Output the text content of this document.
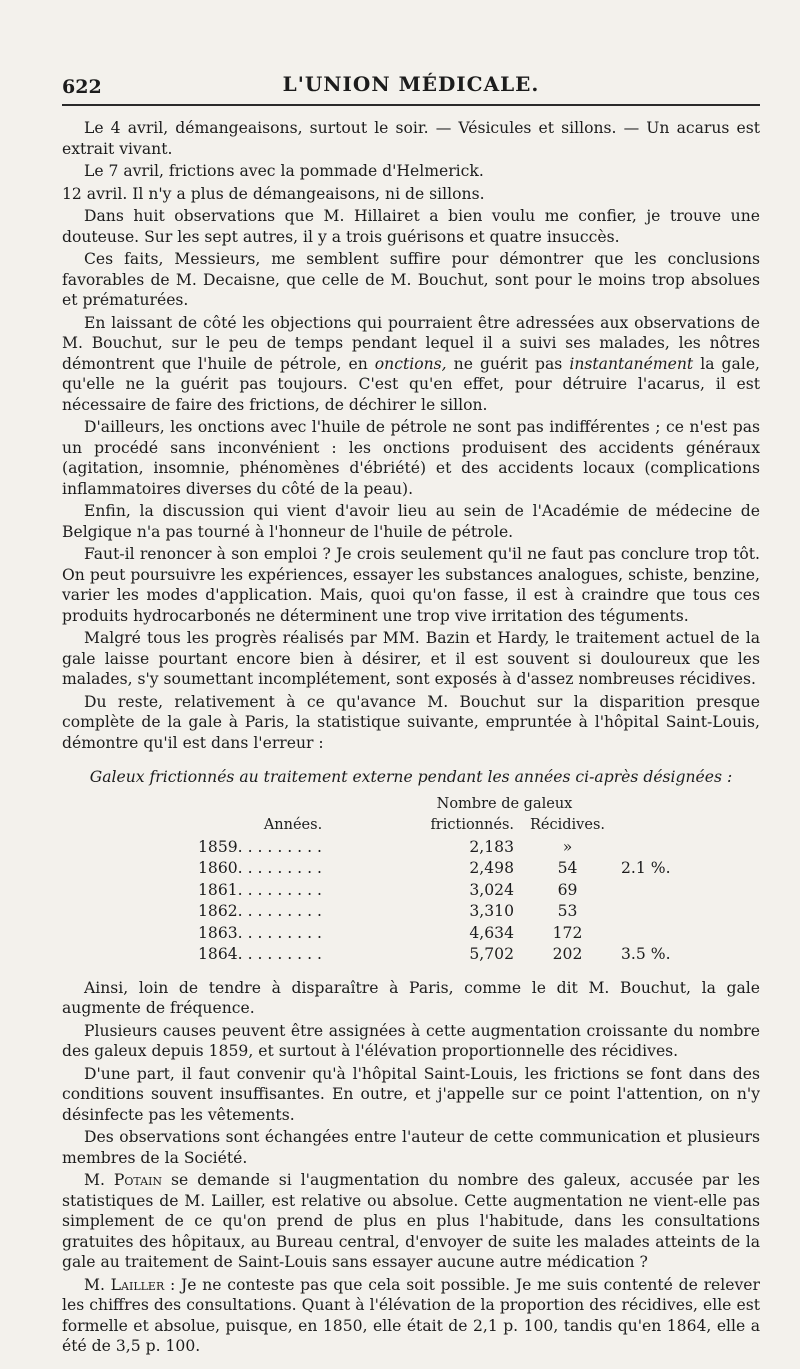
622	L'UNION MÉDICALE.

Le 4 avril, démangeaisons, surtout le soir. — Vésicules et sillons. — Un acarus est extrait vivant.

Le 7 avril, frictions avec la pommade d'Helmerick.

12 avril. Il n'y a plus de démangeaisons, ni de sillons.

Dans huit observations que M. Hillairet a bien voulu me confier, je trouve une douteuse. Sur les sept autres, il y a trois guérisons et quatre insuccès.

Ces faits, Messieurs, me semblent suffire pour démontrer que les conclusions favorables de M. Decaisne, que celle de M. Bouchut, sont pour le moins trop absolues et prématurées.

En laissant de côté les objections qui pourraient être adressées aux observations de M. Bouchut, sur le peu de temps pendant lequel il a suivi ses malades, les nôtres démontrent que l'huile de pétrole, en onctions, ne guérit pas instantanément la gale, qu'elle ne la guérit pas toujours. C'est qu'en effet, pour détruire l'acarus, il est nécessaire de faire des frictions, de déchirer le sillon.

D'ailleurs, les onctions avec l'huile de pétrole ne sont pas indifférentes ; ce n'est pas un procédé sans inconvénient : les onctions produisent des accidents généraux (agitation, insomnie, phénomènes d'ébriété) et des accidents locaux (complications inflammatoires diverses du côté de la peau).

Enfin, la discussion qui vient d'avoir lieu au sein de l'Académie de médecine de Belgique n'a pas tourné à l'honneur de l'huile de pétrole.

Faut-il renoncer à son emploi ? Je crois seulement qu'il ne faut pas conclure trop tôt. On peut poursuivre les expériences, essayer les substances analogues, schiste, benzine, varier les modes d'application. Mais, quoi qu'on fasse, il est à craindre que tous ces produits hydrocarbonés ne déterminent une trop vive irritation des téguments.

Malgré tous les progrès réalisés par MM. Bazin et Hardy, le traitement actuel de la gale laisse pourtant encore bien à désirer, et il est souvent si douloureux que les malades, s'y soumettant incomplétement, sont exposés à d'assez nombreuses récidives.

Du reste, relativement à ce qu'avance M. Bouchut sur la disparition presque complète de la gale à Paris, la statistique suivante, empruntée à l'hôpital Saint-Louis, démontre qu'il est dans l'erreur :

Galeux frictionnés au traitement externe pendant les années ci-après désignées :
	Nombre de galeux		
Années.	frictionnés.	Récidives.	
1859. . . . . . . . .	2,183	»	
1860. . . . . . . . .	2,498	54	2.1 %.
1861. . . . . . . . .	3,024	69	
1862. . . . . . . . .	3,310	53	
1863. . . . . . . . .	4,634	172	
1864. . . . . . . . .	5,702	202	3.5 %.

Ainsi, loin de tendre à disparaître à Paris, comme le dit M. Bouchut, la gale augmente de fréquence.

Plusieurs causes peuvent être assignées à cette augmentation croissante du nombre des galeux depuis 1859, et surtout à l'élévation proportionnelle des récidives.

D'une part, il faut convenir qu'à l'hôpital Saint-Louis, les frictions se font dans des conditions souvent insuffisantes. En outre, et j'appelle sur ce point l'attention, on n'y désinfecte pas les vêtements.

Des observations sont échangées entre l'auteur de cette communication et plusieurs membres de la Société.

M. Potain se demande si l'augmentation du nombre des galeux, accusée par les statistiques de M. Lailler, est relative ou absolue. Cette augmentation ne vient-elle pas simplement de ce qu'on prend de plus en plus l'habitude, dans les consultations gratuites des hôpitaux, au Bureau central, d'envoyer de suite les malades atteints de la gale au traitement de Saint-Louis sans essayer aucune autre médication ?

M. Lailler : Je ne conteste pas que cela soit possible. Je me suis contenté de relever les chiffres des consultations. Quant à l'élévation de la proportion des récidives, elle est formelle et absolue, puisque, en 1850, elle était de 2,1 p. 100, tandis qu'en 1864, elle a été de 3,5 p. 100.
